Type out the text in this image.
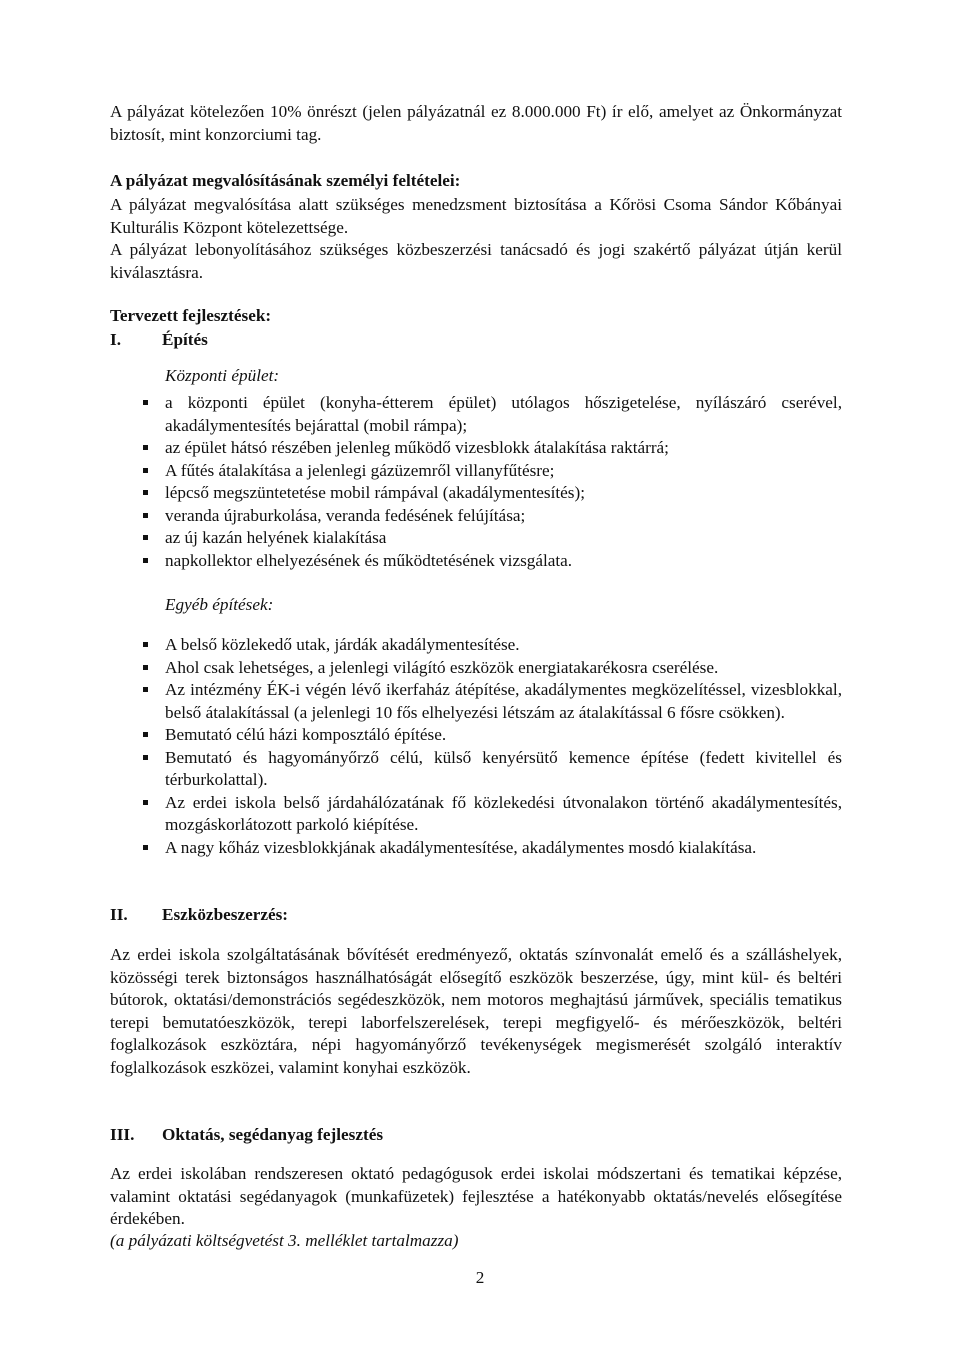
A pályázat kötelezően 10% önrészt (jelen pályázatnál ez 8.000.000 Ft) ír elő, amelyet az Önkormányzat biztosít, mint konzorciumi tag.

A pályázat megvalósításának személyi feltételei:

A pályázat megvalósítása alatt szükséges menedzsment biztosítása a Kőrösi Csoma Sándor Kőbányai Kulturális Központ kötelezettsége.

A pályázat lebonyolításához szükséges közbeszerzési tanácsadó és jogi szakértő pályázat útján kerül kiválasztásra.

Tervezett fejlesztések:

I. Építés

Központi épület:

a központi épület (konyha-étterem épület) utólagos hőszigetelése, nyílászáró cserével, akadálymentesítés bejárattal (mobil rámpa);
az épület hátsó részében jelenleg működő vizesblokk átalakítása raktárrá;
A fűtés átalakítása a jelenlegi gázüzemről villanyfűtésre;
lépcső megszüntetetése mobil rámpával (akadálymentesítés);
veranda újraburkolása, veranda fedésének felújítása;
az új kazán helyének kialakítása
napkollektor elhelyezésének és működtetésének vizsgálata.

Egyéb építések:

A belső közlekedő utak, járdák akadálymentesítése.
Ahol csak lehetséges, a jelenlegi világító eszközök energiatakarékosra cserélése.
Az intézmény ÉK-i végén lévő ikerfaház átépítése, akadálymentes megközelítéssel, vizesblokkal, belső átalakítással (a jelenlegi 10 fős elhelyezési létszám az átalakítással 6 fősre csökken).
Bemutató célú házi komposztáló építése.
Bemutató és hagyományőrző célú, külső kenyérsütő kemence építése (fedett kivitellel és térburkolattal).
Az erdei iskola belső járdahálózatának fő közlekedési útvonalakon történő akadálymentesítés, mozgáskorlátozott parkoló kiépítése.
A nagy kőház vizesblokkjának akadálymentesítése, akadálymentes mosdó kialakítása.

II. Eszközbeszerzés:

Az erdei iskola szolgáltatásának bővítését eredményező, oktatás színvonalát emelő és a szálláshelyek, közösségi terek biztonságos használhatóságát elősegítő eszközök beszerzése, úgy, mint kül- és beltéri bútorok, oktatási/demonstrációs segédeszközök, nem motoros meghajtású járművek, speciális tematikus terepi bemutatóeszközök, terepi laborfelszerelések, terepi megfigyelő- és mérőeszközök, beltéri foglalkozások eszköztára, népi hagyományőrző tevékenységek megismerését szolgáló interaktív foglalkozások eszközei, valamint konyhai eszközök.

III. Oktatás, segédanyag fejlesztés

Az erdei iskolában rendszeresen oktató pedagógusok erdei iskolai módszertani és tematikai képzése, valamint oktatási segédanyagok (munkafüzetek) fejlesztése a hatékonyabb oktatás/nevelés elősegítése érdekében.

(a pályázati költségvetést 3. melléklet tartalmazza)

2
